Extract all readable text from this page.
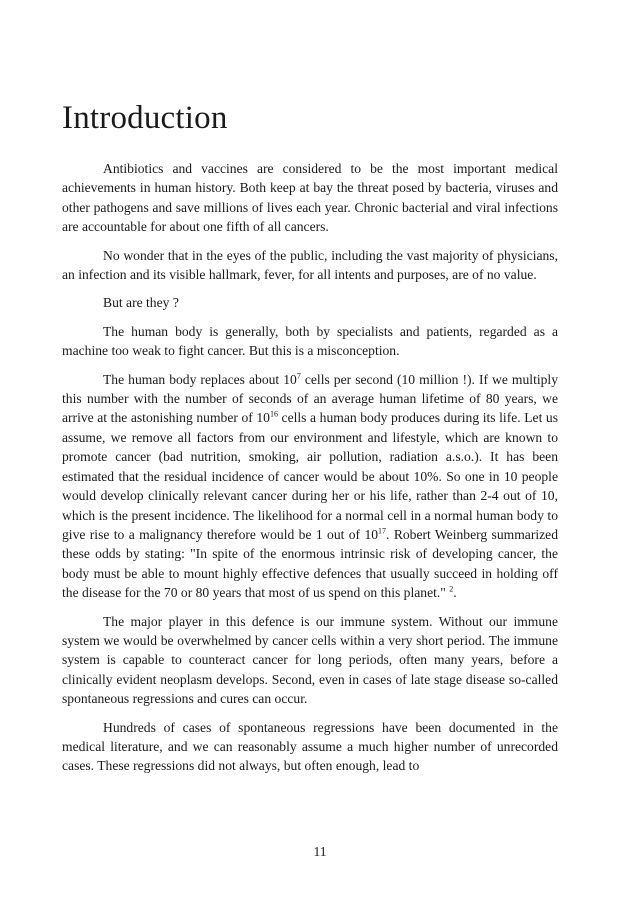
Introduction

Antibiotics and vaccines are considered to be the most important medical achievements in human history. Both keep at bay the threat posed by bacteria, viruses and other pathogens and save millions of lives each year. Chronic bacterial and viral infections are accountable for about one fifth of all cancers.

No wonder that in the eyes of the public, including the vast majority of physicians, an infection and its visible hallmark, fever, for all intents and purposes, are of no value.

But are they ?

The human body is generally, both by specialists and patients, regarded as a machine too weak to fight cancer. But this is a misconception.

The human body replaces about $10^7$ cells per second (10 million !). If we multiply this number with the number of seconds of an average human lifetime of 80 years, we arrive at the astonishing number of $10^{16}$ cells a human body produces during its life. Let us assume, we remove all factors from our environment and lifestyle, which are known to promote cancer (bad nutrition, smoking, air pollution, radiation a.s.o.). It has been estimated that the residual incidence of cancer would be about 10%. So one in 10 people would develop clinically relevant cancer during her or his life, rather than 2-4 out of 10, which is the present incidence. The likelihood for a normal cell in a normal human body to give rise to a malignancy therefore would be 1 out of $10^{17}$. Robert Weinberg summarized these odds by stating: "In spite of the enormous intrinsic risk of developing cancer, the body must be able to mount highly effective defences that usually succeed in holding off the disease for the 70 or 80 years that most of us spend on this planet." $^2$.

The major player in this defence is our immune system. Without our immune system we would be overwhelmed by cancer cells within a very short period. The immune system is capable to counteract cancer for long periods, often many years, before a clinically evident neoplasm develops. Second, even in cases of late stage disease so-called spontaneous regressions and cures can occur.

Hundreds of cases of spontaneous regressions have been documented in the medical literature, and we can reasonably assume a much higher number of unrecorded cases. These regressions did not always, but often enough, lead to

11
